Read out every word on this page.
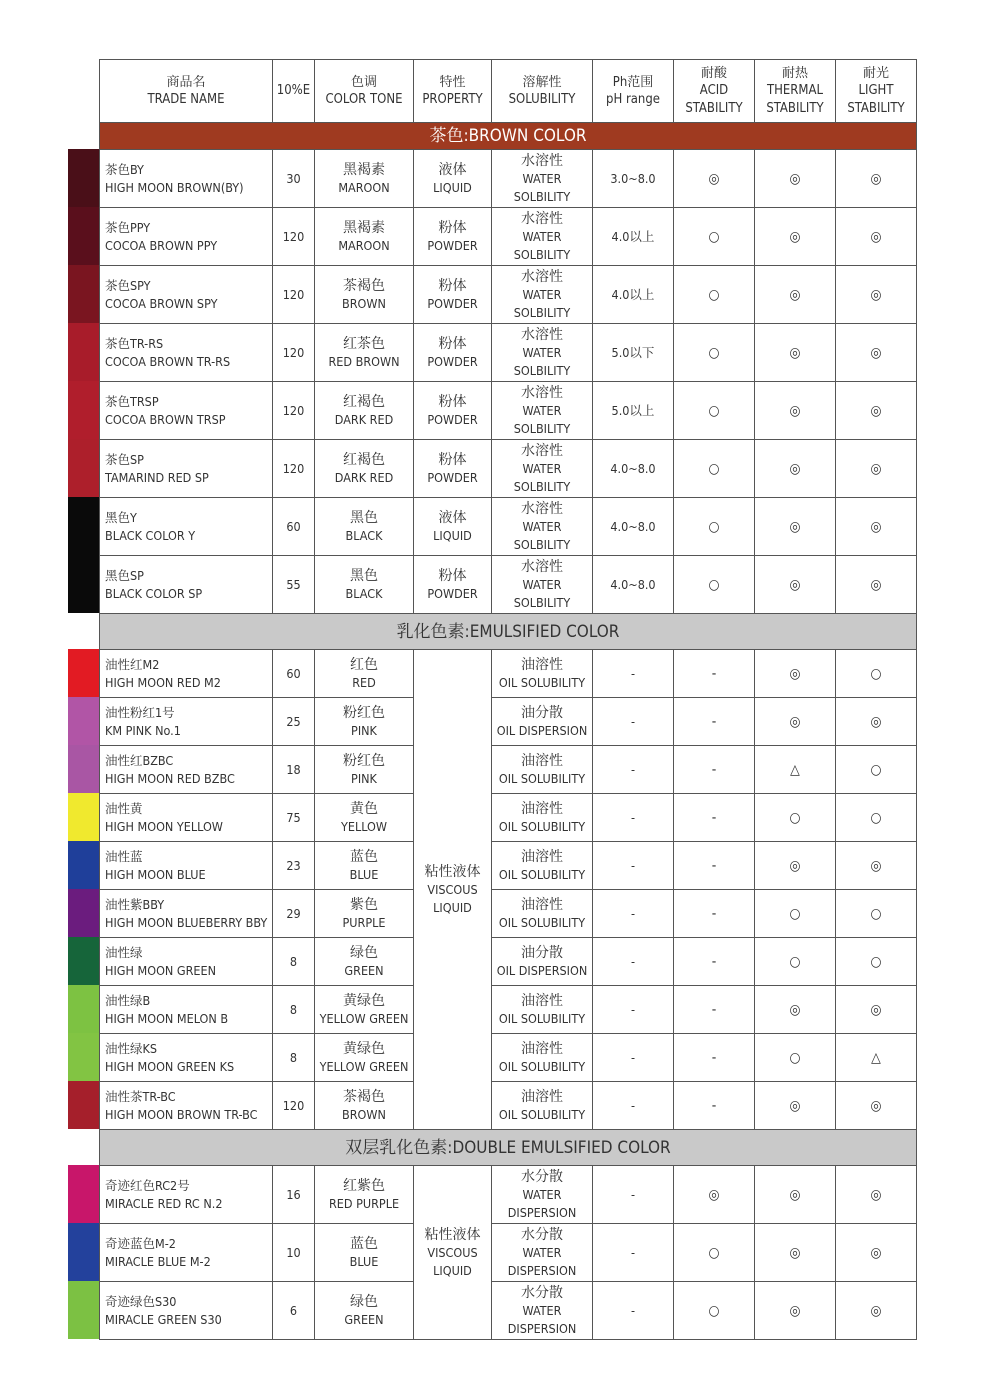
商品名
TRADE NAME	10%E	色调
COLOR TONE	特性
PROPERTY	溶解性
SOLUBILITY	Ph范围
pH range	耐酸
ACID
STABILITY	耐热
THERMAL
STABILITY	耐光
LIGHT
STABILITY

茶色:BROWN COLOR								

茶色BY
HIGH MOON BROWN(BY)	30	黑褐素
MAROON	液体
LIQUID	水溶性
WATER
SOLBILITY	3.0~8.0	◎	◎	◎

茶色PPY
COCOA BROWN PPY	120	黑褐素
MAROON	粉体
POWDER	水溶性
WATER
SOLBILITY	4.0以上	○	◎	◎

茶色SPY
COCOA BROWN SPY	120	茶褐色
BROWN	粉体
POWDER	水溶性
WATER
SOLBILITY	4.0以上	○	◎	◎

茶色TR-RS
COCOA BROWN TR-RS	120	红茶色
RED BROWN	粉体
POWDER	水溶性
WATER
SOLBILITY	5.0以下	○	◎	◎

茶色TRSP
COCOA BROWN TRSP	120	红褐色
DARK RED	粉体
POWDER	水溶性
WATER
SOLBILITY	5.0以上	○	◎	◎

茶色SP
TAMARIND RED SP	120	红褐色
DARK RED	粉体
POWDER	水溶性
WATER
SOLBILITY	4.0~8.0	○	◎	◎

黑色Y
BLACK COLOR Y	60	黑色
BLACK	液体
LIQUID	水溶性
WATER
SOLBILITY	4.0~8.0	○	◎	◎

黑色SP
BLACK COLOR SP	55	黑色
BLACK	粉体
POWDER	水溶性
WATER
SOLBILITY	4.0~8.0	○	◎	◎
乳化色素:EMULSIFIED COLOR								

油性红M2
HIGH MOON RED M2	60	红色
RED	粘性液体
VISCOUS
LIQUID	油溶性
OIL SOLUBILITY	-	-	◎	○

油性粉红1号
KM PINK No.1	25	粉红色
PINK		油分散
OIL DISPERSION	-	-	◎	◎

油性红BZBC
HIGH MOON RED BZBC	18	粉红色
PINK		油溶性
OIL SOLUBILITY	-	-	△	○

油性黄
HIGH MOON YELLOW	75	黄色
YELLOW		油溶性
OIL SOLUBILITY	-	-	○	○

油性蓝
HIGH MOON BLUE	23	蓝色
BLUE		油溶性
OIL SOLUBILITY	-	-	◎	◎

油性紫BBY
HIGH MOON BLUEBERRY BBY	29	紫色
PURPLE		油溶性
OIL SOLUBILITY	-	-	○	○

油性绿
HIGH MOON GREEN	8	绿色
GREEN		油分散
OIL DISPERSION	-	-	○	○

油性绿B
HIGH MOON MELON B	8	黄绿色
YELLOW GREEN		油溶性
OIL SOLUBILITY	-	-	◎	◎

油性绿KS
HIGH MOON GREEN KS	8	黄绿色
YELLOW GREEN		油溶性
OIL SOLUBILITY	-	-	○	△

油性茶TR-BC
HIGH MOON BROWN TR-BC	120	茶褐色
BROWN		油溶性
OIL SOLUBILITY	-	-	◎	◎
双层乳化色素:DOUBLE EMULSIFIED COLOR								

奇迹红色RC2号
MIRACLE RED RC N.2	16	红紫色
RED PURPLE	粘性液体
VISCOUS
LIQUID	水分散
WATER
DISPERSION	-	◎	◎	◎

奇迹蓝色M-2
MIRACLE BLUE M-2	10	蓝色
BLUE		水分散
WATER
DISPERSION	-	○	◎	◎

奇迹绿色S30
MIRACLE GREEN S30	6	绿色
GREEN		水分散
WATER
DISPERSION	-	○	◎	◎
